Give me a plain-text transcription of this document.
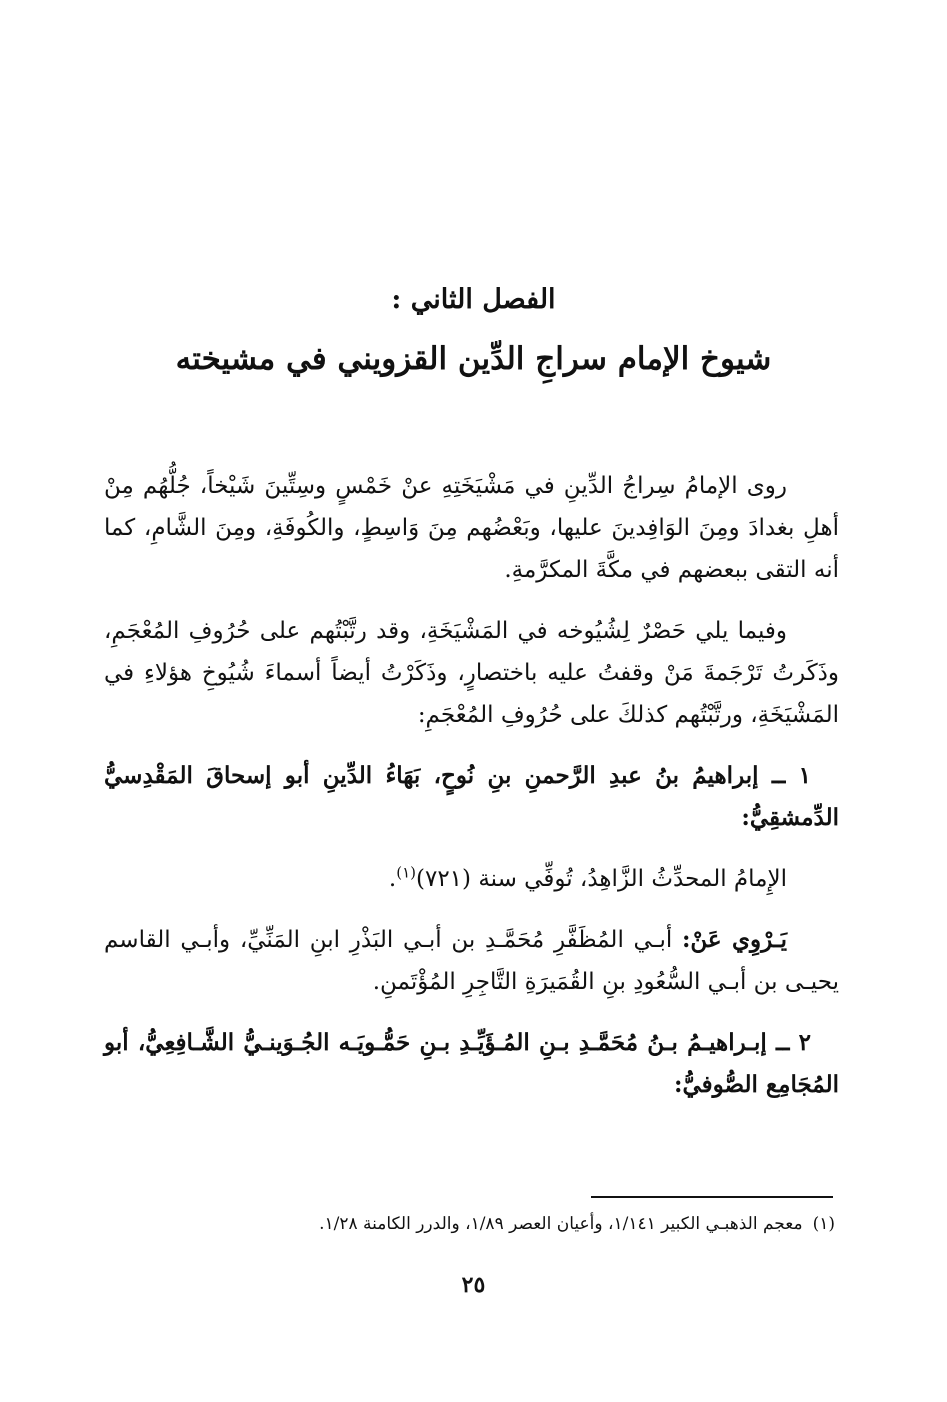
الفصل الثاني :
شيوخ الإمام سراجِ الدِّين القزويني في مشيخته

روى الإمامُ سِراجُ الدِّينِ في مَشْيَخَتِهِ عنْ خَمْسٍ وسِتِّينَ شَيْخاً، جُلُّهُم مِنْ أهلِ بغدادَ ومِنَ الوَافِدينَ عليها، وبَعْضُهم مِنَ وَاسِطٍ، والكُوفَةِ، ومِنَ الشَّامِ، كما أنه التقى ببعضهم في مكَّةَ المكرَّمةِ.

وفيما يلي حَصْرٌ لِشُيُوخه في المَشْيَخَةِ، وقد رتَّبْتُهم على حُرُوفِ المُعْجَمِ، وذَكَرتُ تَرْجَمةَ مَنْ وقفتُ عليه باختصارٍ، وذَكَرْتُ أيضاً أسماءَ شُيُوخِ هؤلاءِ في المَشْيَخَةِ، ورتَّبْتُهم كذلكَ على حُرُوفِ المُعْجَمِ:

١ ــ إبراهيمُ بنُ عبدِ الرَّحمنِ بنِ نُوحٍ، بَهَاءُ الدِّينِ أبو إسحاقَ المَقْدِسيُّ الدِّمشقِيُّ:

الإِمامُ المحدِّثُ الزَّاهِدُ، تُوفِّي سنة (٧٢١)$^{(١)}$.

يَـرْوِي عَنْ: أبـي المُظَفَّرِ مُحَمَّـدِ بن أبـي البَذْرِ ابنِ المَنِّيِّ، وأبـي القاسم يحيـى بن أبـي السُّعُودِ بنِ القُمَيرَةِ التَّاجِرِ المُؤْتَمنِ.

٢ ــ إبـراهيـمُ بـنُ مُحَمَّـدِ بـنِ المُـؤَيِّـدِ بـنِ حَمُّـويَـه الجُـوَينـيُّ الشَّـافِعِيُّ، أبو المُجَامِع الصُّوفيُّ:

(١)معجم الذهبـي الكبير ١/١٤١، وأعيان العصر ١/٨٩، والدرر الكامنة ١/٢٨.
٢٥
